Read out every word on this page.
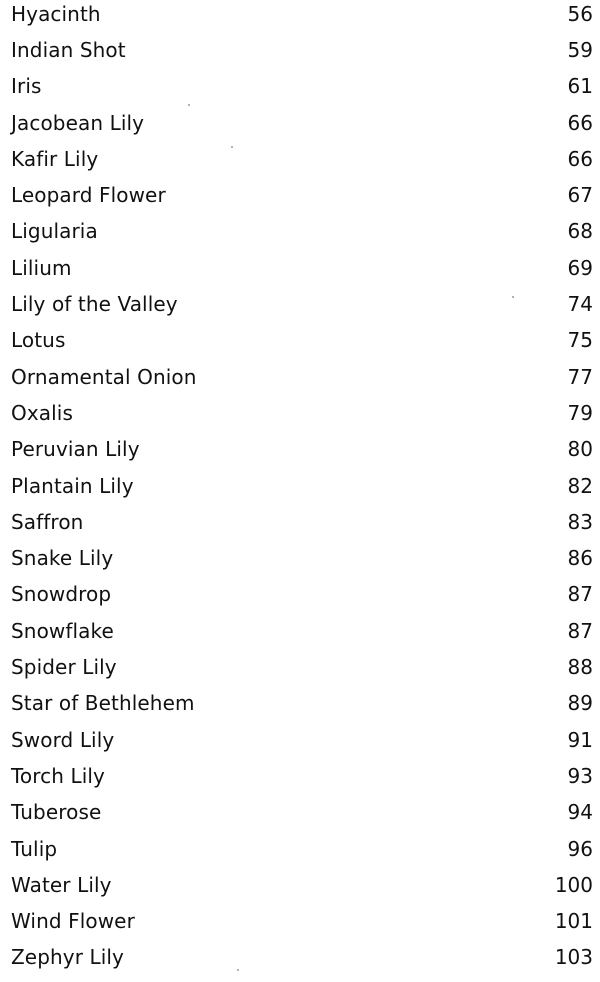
Hyacinth	56
Indian Shot	59
Iris	61
Jacobean Lily	66
Kafir Lily	66
Leopard Flower	67
Ligularia	68
Lilium	69
Lily of the Valley	74
Lotus	75
Ornamental Onion	77
Oxalis	79
Peruvian Lily	80
Plantain Lily	82
Saffron	83
Snake Lily	86
Snowdrop	87
Snowflake	87
Spider Lily	88
Star of Bethlehem	89
Sword Lily	91
Torch Lily	93
Tuberose	94
Tulip	96
Water Lily	100
Wind Flower	101
Zephyr Lily	103
